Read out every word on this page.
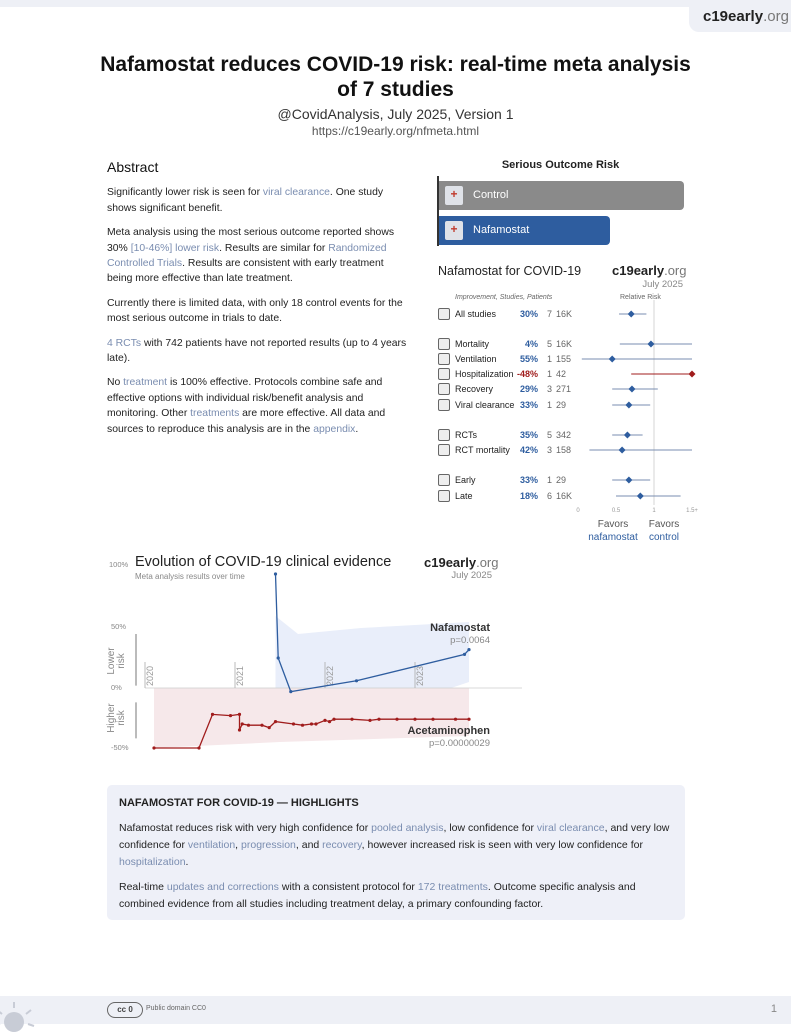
c19early.org
Nafamostat reduces COVID-19 risk: real-time meta analysis of 7 studies
@CovidAnalysis, July 2025, Version 1
https://c19early.org/nfmeta.html
Abstract

Significantly lower risk is seen for viral clearance. One study shows significant benefit.

Meta analysis using the most serious outcome reported shows 30% [10‑46%] lower risk. Results are similar for Randomized Controlled Trials. Results are consistent with early treatment being more effective than late treatment.

Currently there is limited data, with only 18 control events for the most serious outcome in trials to date.

4 RCTs with 742 patients have not reported results (up to 4 years late).

No treatment is 100% effective. Protocols combine safe and effective options with individual risk/benefit analysis and monitoring. Other treatments are more effective. All data and sources to reproduce this analysis are in the appendix.

Serious Outcome Risk
+
Control
+
Nafamostat
Nafamostat for COVID-19 c19early.org
July 2025
Improvement, Studies, Patients	Relative Risk
All studies	30% 7 16K
Mortality	4% 5 16K
Ventilation	55% 1 155
Hospitalization -48% 1 42
Recovery	29% 3 271
Viral clearance 33% 1 29
RCTs	35% 5 342
RCT mortality	42% 3 158
Early	33% 1 29
Late	18% 6 16K
0	0.5	1	1.5+
Favors
nafamostat
Favors
control
2020	2021	2022	2023
Evolution of COVID-19 clinical evidence
Meta analysis results over time
c19early.org
July 2025
100%
50%
0%
-50%
Lower risk
Higher risk
Nafamostat
p=0.0064
Acetaminophen
p=0.00000029
NAFAMOSTAT FOR COVID-19 — HIGHLIGHTS

Nafamostat reduces risk with very high confidence for pooled analysis, low confidence for viral clearance, and very low confidence for ventilation, progression, and recovery, however increased risk is seen with very low confidence for hospitalization.

Real-time updates and corrections with a consistent protocol for 172 treatments. Outcome specific analysis and combined evidence from all studies including treatment delay, a primary confounding factor.

cc 0	Public domain CC0	1
